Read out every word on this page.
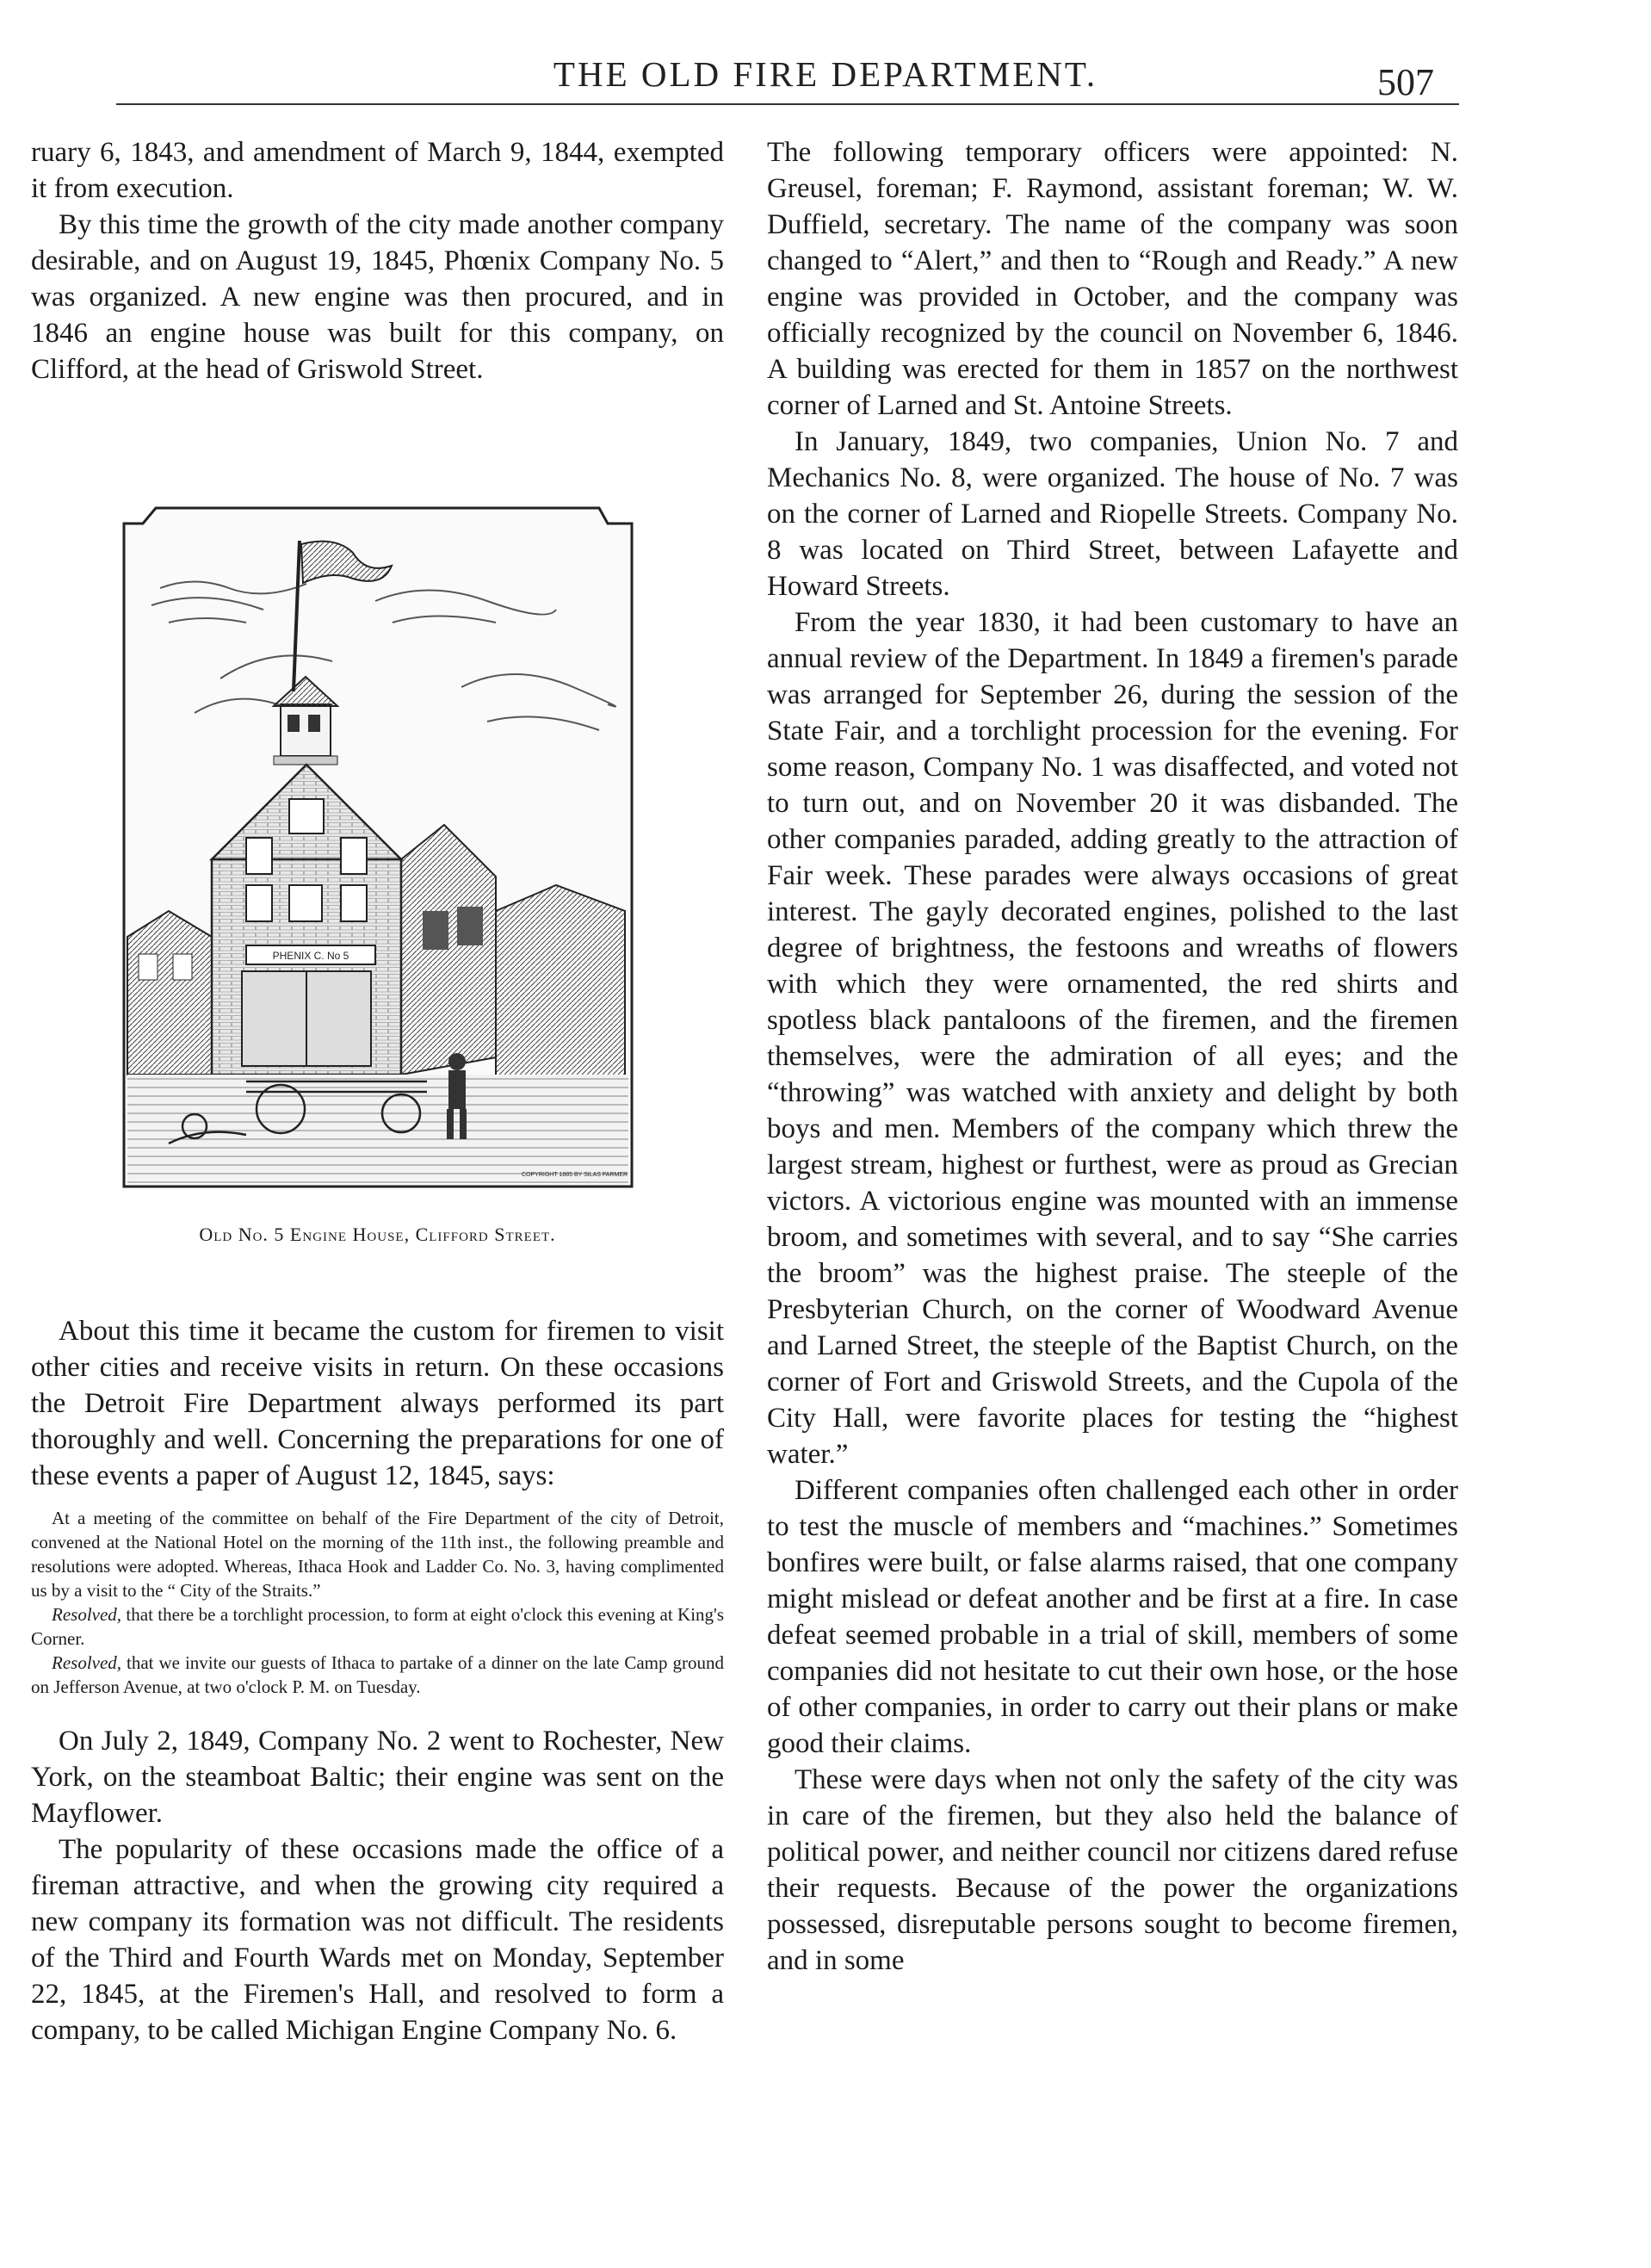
THE OLD FIRE DEPARTMENT.	507

ruary 6, 1843, and amendment of March 9, 1844, exempted it from execution.

By this time the growth of the city made another company desirable, and on August 19, 1845, Phœnix Company No. 5 was organized. A new engine was then procured, and in 1846 an engine house was built for this company, on Clifford, at the head of Griswold Street.

PHENIX C. No 5
COPYRIGHT 1885 BY SILAS FARMER
Old No. 5 Engine House, Clifford Street.

About this time it became the custom for firemen to visit other cities and receive visits in return. On these occasions the Detroit Fire Department always performed its part thoroughly and well. Concerning the preparations for one of these events a paper of August 12, 1845, says:

At a meeting of the committee on behalf of the Fire Department of the city of Detroit, convened at the National Hotel on the morning of the 11th inst., the following preamble and resolutions were adopted. Whereas, Ithaca Hook and Ladder Co. No. 3, having complimented us by a visit to the “ City of the Straits.”

Resolved, that there be a torchlight procession, to form at eight o'clock this evening at King's Corner.

Resolved, that we invite our guests of Ithaca to partake of a dinner on the late Camp ground on Jefferson Avenue, at two o'clock P. M. on Tuesday.

On July 2, 1849, Company No. 2 went to Rochester, New York, on the steamboat Baltic; their engine was sent on the Mayflower.

The popularity of these occasions made the office of a fireman attractive, and when the growing city required a new company its formation was not difficult. The residents of the Third and Fourth Wards met on Monday, September 22, 1845, at the Firemen's Hall, and resolved to form a company, to be called Michigan Engine Company No. 6.

The following temporary officers were appointed: N. Greusel, foreman; F. Raymond, assistant foreman; W. W. Duffield, secretary. The name of the company was soon changed to “Alert,” and then to “Rough and Ready.” A new engine was provided in October, and the company was officially recognized by the council on November 6, 1846. A building was erected for them in 1857 on the northwest corner of Larned and St. Antoine Streets.

In January, 1849, two companies, Union No. 7 and Mechanics No. 8, were organized. The house of No. 7 was on the corner of Larned and Riopelle Streets. Company No. 8 was located on Third Street, between Lafayette and Howard Streets.

From the year 1830, it had been customary to have an annual review of the Department. In 1849 a firemen's parade was arranged for September 26, during the session of the State Fair, and a torchlight procession for the evening. For some reason, Company No. 1 was disaffected, and voted not to turn out, and on November 20 it was disbanded. The other companies paraded, adding greatly to the attraction of Fair week. These parades were always occasions of great interest. The gayly decorated engines, polished to the last degree of brightness, the festoons and wreaths of flowers with which they were ornamented, the red shirts and spotless black pantaloons of the firemen, and the firemen themselves, were the admiration of all eyes; and the “throwing” was watched with anxiety and delight by both boys and men. Members of the company which threw the largest stream, highest or furthest, were as proud as Grecian victors. A victorious engine was mounted with an immense broom, and sometimes with several, and to say “She carries the broom” was the highest praise. The steeple of the Presbyterian Church, on the corner of Woodward Avenue and Larned Street, the steeple of the Baptist Church, on the corner of Fort and Griswold Streets, and the Cupola of the City Hall, were favorite places for testing the “highest water.”

Different companies often challenged each other in order to test the muscle of members and “machines.” Sometimes bonfires were built, or false alarms raised, that one company might mislead or defeat another and be first at a fire. In case defeat seemed probable in a trial of skill, members of some companies did not hesitate to cut their own hose, or the hose of other companies, in order to carry out their plans or make good their claims.

These were days when not only the safety of the city was in care of the firemen, but they also held the balance of political power, and neither council nor citizens dared refuse their requests. Because of the power the organizations possessed, disreputable persons sought to become firemen, and in some
